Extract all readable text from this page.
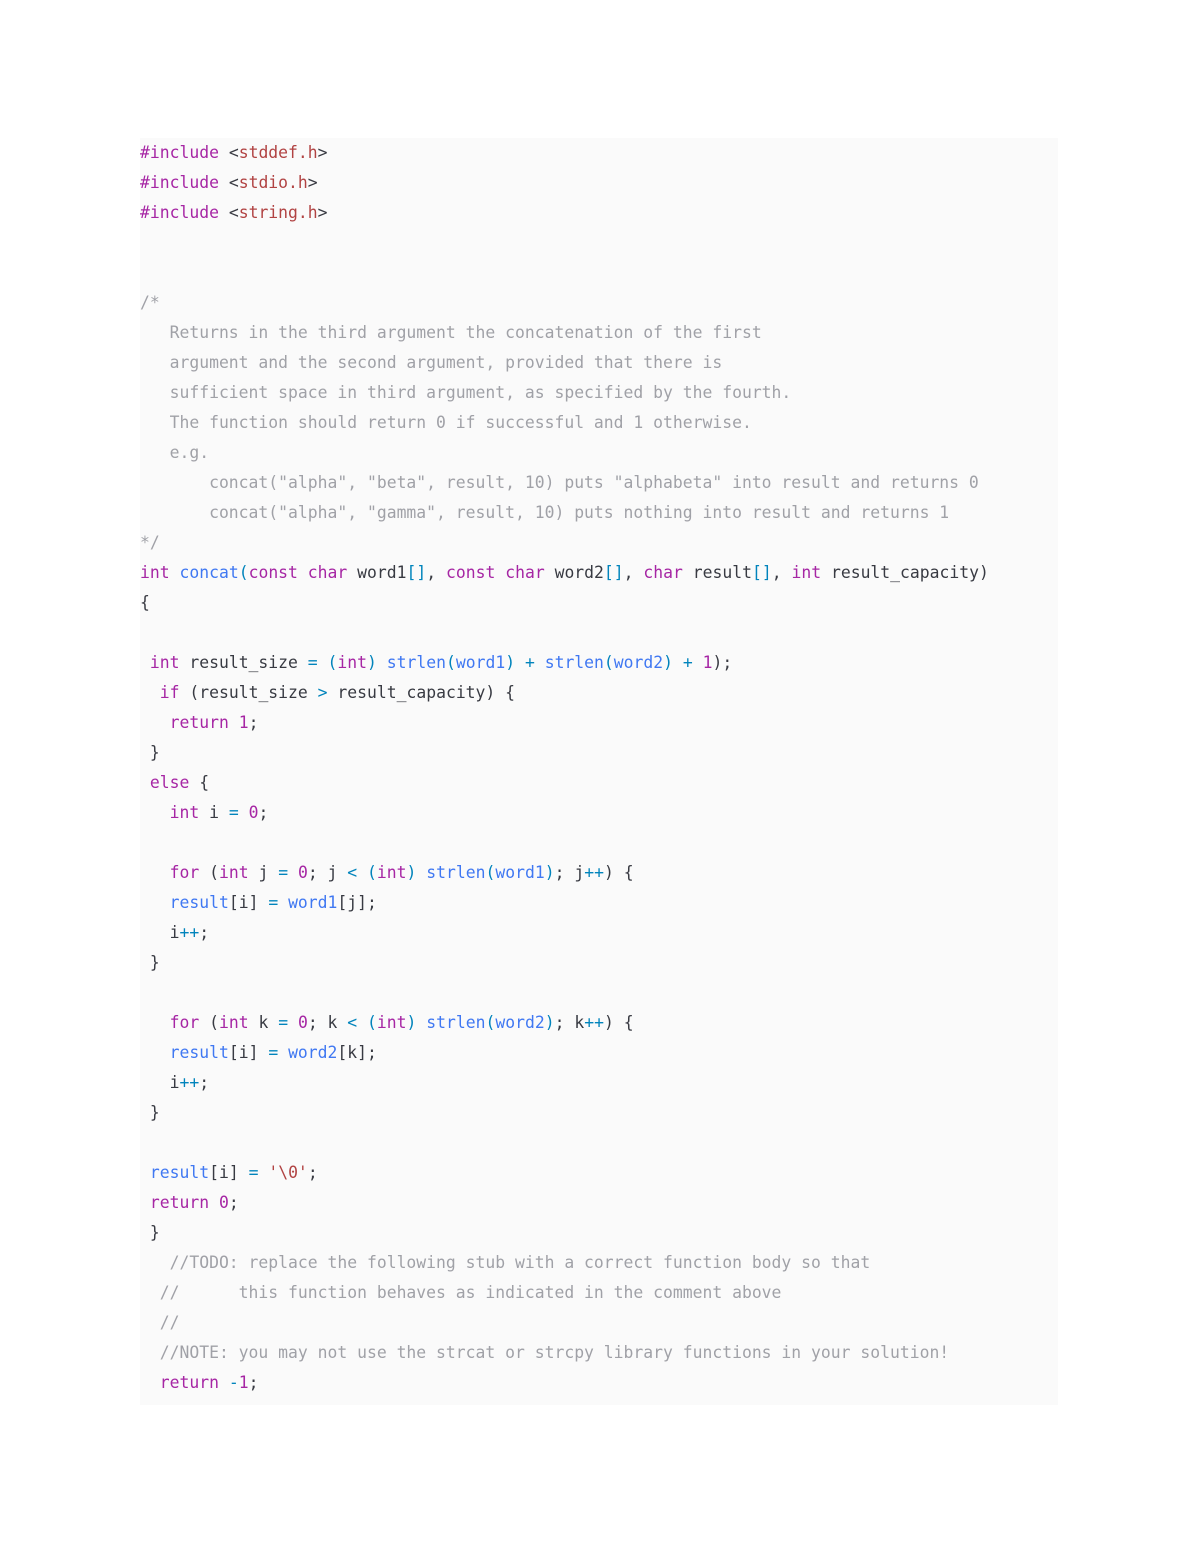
#include <stddef.h>
#include <stdio.h>
#include <string.h>
/*
Returns in the third argument the concatenation of the first
argument and the second argument, provided that there is
sufficient space in third argument, as specified by the fourth.
The function should return 0 if successful and 1 otherwise.
e.g.
concat("alpha", "beta", result, 10) puts "alphabeta" into result and returns 0
concat("alpha", "gamma", result, 10) puts nothing into result and returns 1
*/
int concat(const char word1[], const char word2[], char result[], int result_capacity)
{
int result_size = (int) strlen(word1) + strlen(word2) + 1);
if (result_size > result_capacity) {
return 1;
}
else {
int i = 0;
for (int j = 0; j < (int) strlen(word1); j++) {
result[i] = word1[j];
i++;
}
for (int k = 0; k < (int) strlen(word2); k++) {
result[i] = word2[k];
i++;
}
result[i] = '\0';
return 0;
}
//TODO: replace the following stub with a correct function body so that
//      this function behaves as indicated in the comment above
//
//NOTE: you may not use the strcat or strcpy library functions in your solution!
return -1;
